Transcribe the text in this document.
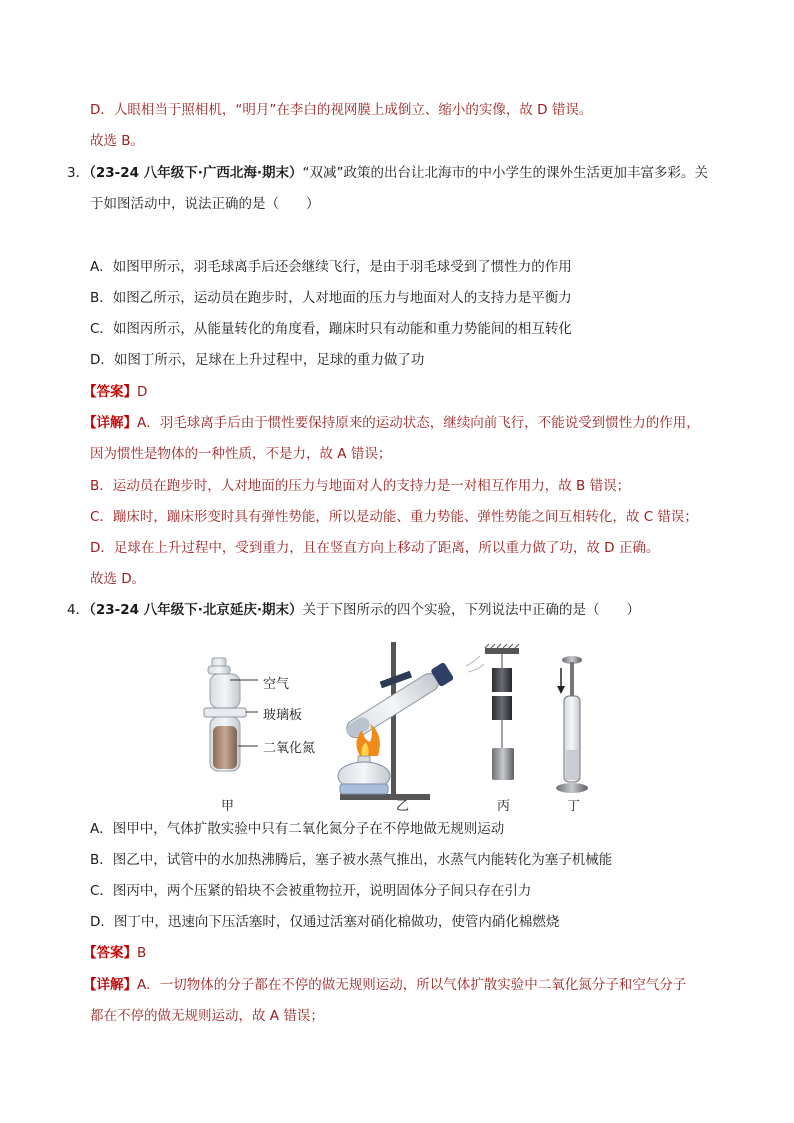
D．人眼相当于照相机，“明月”在李白的视网膜上成倒立、缩小的实像，故 D 错误。
故选 B。
3．（23-24 八年级下·广西北海·期末）“双减”政策的出台让北海市的中小学生的课外生活更加丰富多彩。关
于如图活动中，说法正确的是（　　）
A．如图甲所示，羽毛球离手后还会继续飞行，是由于羽毛球受到了惯性力的作用
B．如图乙所示，运动员在跑步时，人对地面的压力与地面对人的支持力是平衡力
C．如图丙所示，从能量转化的角度看，蹦床时只有动能和重力势能间的相互转化
D．如图丁所示，足球在上升过程中，足球的重力做了功
【答案】D
【详解】A．羽毛球离手后由于惯性要保持原来的运动状态，继续向前飞行，不能说受到惯性力的作用，
因为惯性是物体的一种性质，不是力，故 A 错误；
B．运动员在跑步时，人对地面的压力与地面对人的支持力是一对相互作用力，故 B 错误；
C．蹦床时，蹦床形变时具有弹性势能，所以是动能、重力势能、弹性势能之间互相转化，故 C 错误；
D．足球在上升过程中，受到重力，且在竖直方向上移动了距离，所以重力做了功，故 D 正确。
故选 D。
4．（23-24 八年级下·北京延庆·期末）关于下图所示的四个实验，下列说法中正确的是（　　）
空气
玻璃板
二氧化氮
甲	乙	丙	丁
A．图甲中，气体扩散实验中只有二氧化氮分子在不停地做无规则运动
B．图乙中，试管中的水加热沸腾后，塞子被水蒸气推出，水蒸气内能转化为塞子机械能
C．图丙中，两个压紧的铅块不会被重物拉开，说明固体分子间只存在引力
D．图丁中，迅速向下压活塞时，仅通过活塞对硝化棉做功，使管内硝化棉燃烧
【答案】B
【详解】A．一切物体的分子都在不停的做无规则运动，所以气体扩散实验中二氧化氮分子和空气分子
都在不停的做无规则运动，故 A 错误；
